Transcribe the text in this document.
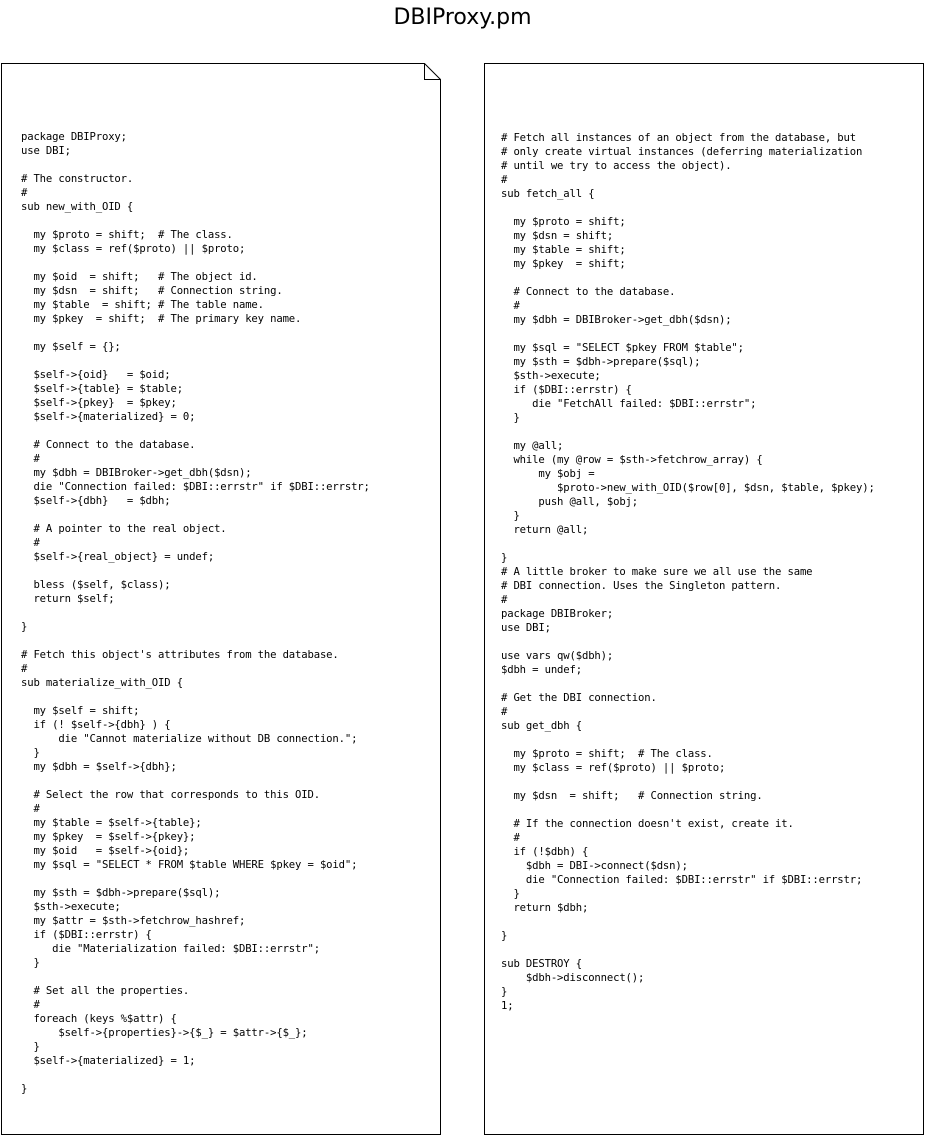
DBIProxy.pm
package DBIProxy;
use DBI;

# The constructor.
#
sub new_with_OID {

my $proto = shift;  # The class.
my $class = ref($proto) || $proto;

my $oid  = shift;   # The object id.
my $dsn  = shift;   # Connection string.
my $table  = shift; # The table name.
my $pkey  = shift;  # The primary key name.

my $self = {};

$self->{oid}   = $oid;
$self->{table} = $table;
$self->{pkey}  = $pkey;
$self->{materialized} = 0;

# Connect to the database.
#
my $dbh = DBIBroker->get_dbh($dsn);
die "Connection failed: $DBI::errstr" if $DBI::errstr;
$self->{dbh}   = $dbh;

# A pointer to the real object.
#
$self->{real_object} = undef;

bless ($self, $class);
return $self;

}

# Fetch this object's attributes from the database.
#
sub materialize_with_OID {

my $self = shift;
if (! $self->{dbh} ) {
die "Cannot materialize without DB connection.";
}
my $dbh = $self->{dbh};

# Select the row that corresponds to this OID.
#
my $table = $self->{table};
my $pkey  = $self->{pkey};
my $oid   = $self->{oid};
my $sql = "SELECT * FROM $table WHERE $pkey = $oid";

my $sth = $dbh->prepare($sql);
$sth->execute;
my $attr = $sth->fetchrow_hashref;
if ($DBI::errstr) {
die "Materialization failed: $DBI::errstr";
}

# Set all the properties.
#
foreach (keys %$attr) {
$self->{properties}->{$_} = $attr->{$_};
}
$self->{materialized} = 1;

}
# Fetch all instances of an object from the database, but
# only create virtual instances (deferring materialization
# until we try to access the object).
#
sub fetch_all {

my $proto = shift;
my $dsn = shift;
my $table = shift;
my $pkey  = shift;

# Connect to the database.
#
my $dbh = DBIBroker->get_dbh($dsn);

my $sql = "SELECT $pkey FROM $table";
my $sth = $dbh->prepare($sql);
$sth->execute;
if ($DBI::errstr) {
die "FetchAll failed: $DBI::errstr";
}

my @all;
while (my @row = $sth->fetchrow_array) {
my $obj =
$proto->new_with_OID($row[0], $dsn, $table, $pkey);
push @all, $obj;
}
return @all;

}
# A little broker to make sure we all use the same
# DBI connection. Uses the Singleton pattern.
#
package DBIBroker;
use DBI;

use vars qw($dbh);
$dbh = undef;

# Get the DBI connection.
#
sub get_dbh {

my $proto = shift;  # The class.
my $class = ref($proto) || $proto;

my $dsn  = shift;   # Connection string.

# If the connection doesn't exist, create it.
#
if (!$dbh) {
$dbh = DBI->connect($dsn);
die "Connection failed: $DBI::errstr" if $DBI::errstr;
}
return $dbh;

}

sub DESTROY {
$dbh->disconnect();
}
1;
